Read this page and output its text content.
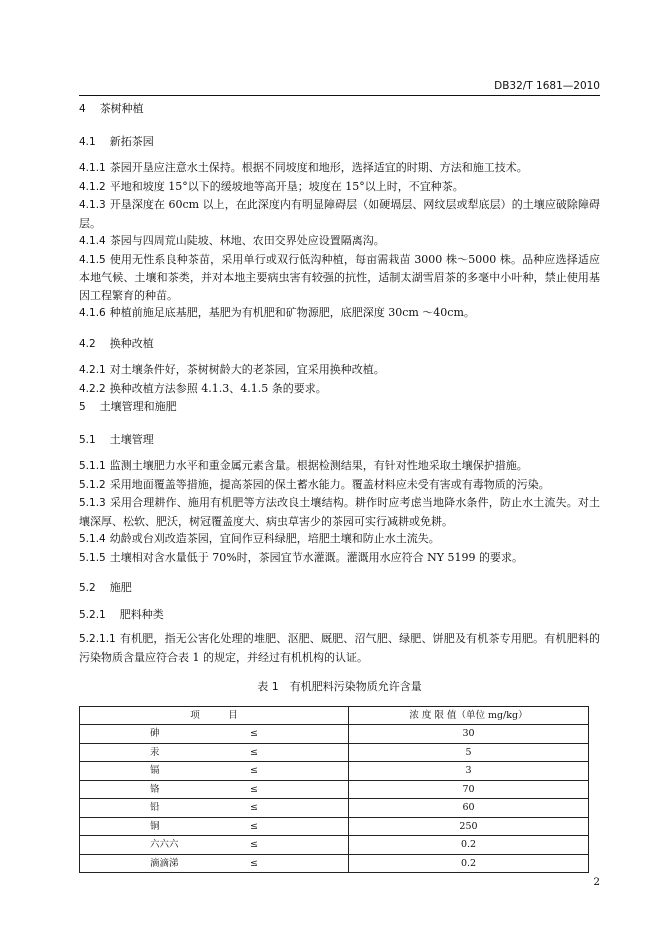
DB32/T 1681—2010
4 茶树种植
4.1 新拓茶园
4.1.1 茶园开垦应注意水土保持。根据不同坡度和地形，选择适宜的时期、方法和施工技术。
4.1.2 平地和坡度 15°以下的缓坡地等高开垦；坡度在 15°以上时，不宜种茶。
4.1.3 开垦深度在 60cm 以上，在此深度内有明显障碍层（如硬塥层、网纹层或犁底层）的土壤应破除障碍层。
4.1.4 茶园与四周荒山陡坡、林地、农田交界处应设置隔离沟。
4.1.5 使用无性系良种茶苗，采用单行或双行低沟种植，每亩需栽苗 3000 株～5000 株。品种应选择适应本地气候、土壤和茶类，并对本地主要病虫害有较强的抗性，适制太湖雪眉茶的多毫中小叶种，禁止使用基因工程繁育的种苗。
4.1.6 种植前施足底基肥，基肥为有机肥和矿物源肥，底肥深度 30cm ～40cm。
4.2 换种改植
4.2.1 对土壤条件好，茶树树龄大的老茶园，宜采用换种改植。
4.2.2 换种改植方法参照 4.1.3、4.1.5 条的要求。
5 土壤管理和施肥
5.1 土壤管理
5.1.1 监测土壤肥力水平和重金属元素含量。根据检测结果，有针对性地采取土壤保护措施。
5.1.2 采用地面覆盖等措施，提高茶园的保土蓄水能力。覆盖材料应未受有害或有毒物质的污染。
5.1.3 采用合理耕作、施用有机肥等方法改良土壤结构。耕作时应考虑当地降水条件，防止水土流失。对土壤深厚、松软、肥沃，树冠覆盖度大、病虫草害少的茶园可实行减耕或免耕。
5.1.4 幼龄或台刈改造茶园，宜间作豆科绿肥，培肥土壤和防止水土流失。
5.1.5 土壤相对含水量低于 70%时，茶园宜节水灌溉。灌溉用水应符合 NY 5199 的要求。
5.2 施肥
5.2.1 肥料种类
5.2.1.1 有机肥，指无公害化处理的堆肥、沤肥、厩肥、沼气肥、绿肥、饼肥及有机茶专用肥。有机肥料的污染物质含量应符合表 1 的规定，并经过有机机构的认证。
表 1　有机肥料污染物质允许含量
项　　　目	浓 度 限 值（单位 mg/kg）

砷 ≤	30

汞 ≤	5

镉 ≤	3

铬 ≤	70

铅 ≤	60

铜 ≤	250

六六六 ≤	0.2

滴滴涕 ≤	0.2
2
